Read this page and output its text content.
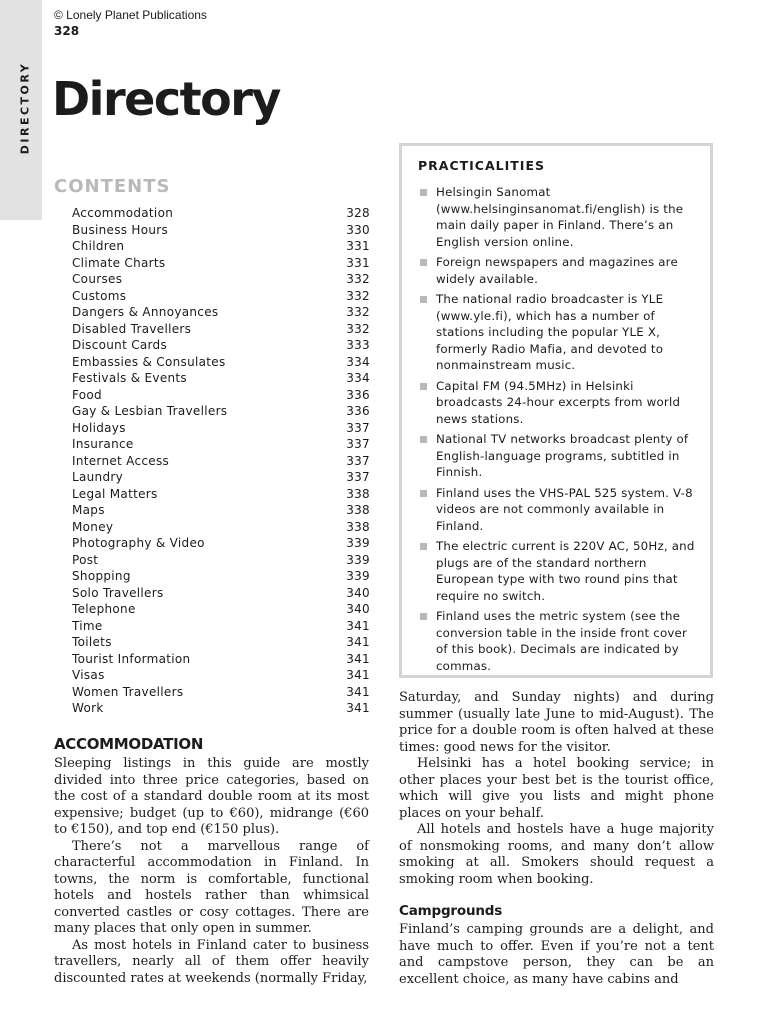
DIRECTORY
© Lonely Planet Publications
328
Directory
CONTENTS
Accommodation	328
Business Hours	330
Children	331
Climate Charts	331
Courses	332
Customs	332
Dangers & Annoyances	332
Disabled Travellers	332
Discount Cards	333
Embassies & Consulates	334
Festivals & Events	334
Food	336
Gay & Lesbian Travellers	336
Holidays	337
Insurance	337
Internet Access	337
Laundry	337
Legal Matters	338
Maps	338
Money	338
Photography & Video	339
Post	339
Shopping	339
Solo Travellers	340
Telephone	340
Time	341
Toilets	341
Tourist Information	341
Visas	341
Women Travellers	341
Work	341
PRACTICALITIES
Helsingin Sanomat (www.helsinginsanomat.fi/english) is the main daily paper in Finland. There’s an English version online.
Foreign newspapers and magazines are widely available.
The national radio broadcaster is YLE (www.yle.fi), which has a number of stations including the popular YLE X, formerly Radio Mafia, and devoted to nonmainstream music.
Capital FM (94.5MHz) in Helsinki broadcasts 24-hour excerpts from world news stations.
National TV networks broadcast plenty of English-language programs, subtitled in Finnish.
Finland uses the VHS-PAL 525 system. V-8 videos are not commonly available in Finland.
The electric current is 220V AC, 50Hz, and plugs are of the standard northern European type with two round pins that require no switch.
Finland uses the metric system (see the conversion table in the inside front cover of this book). Decimals are indicated by commas.
ACCOMMODATION

Sleeping listings in this guide are mostly divided into three price categories, based on the cost of a standard double room at its most expensive; budget (up to €60), midrange (€60 to €150), and top end (€150 plus).

There’s not a marvellous range of characterful accommodation in Finland. In towns, the norm is comfortable, functional hotels and hostels rather than whimsical converted castles or cosy cottages. There are many places that only open in summer.

As most hotels in Finland cater to business travellers, nearly all of them offer heavily discounted rates at weekends (normally Friday,

Saturday, and Sunday nights) and during summer (usually late June to mid-August). The price for a double room is often halved at these times: good news for the visitor.

Helsinki has a hotel booking service; in other places your best bet is the tourist office, which will give you lists and might phone places on your behalf.

All hotels and hostels have a huge majority of nonsmoking rooms, and many don’t allow smoking at all. Smokers should request a smoking room when booking.

Campgrounds

Finland’s camping grounds are a delight, and have much to offer. Even if you’re not a tent and campstove person, they can be an excellent choice, as many have cabins and
